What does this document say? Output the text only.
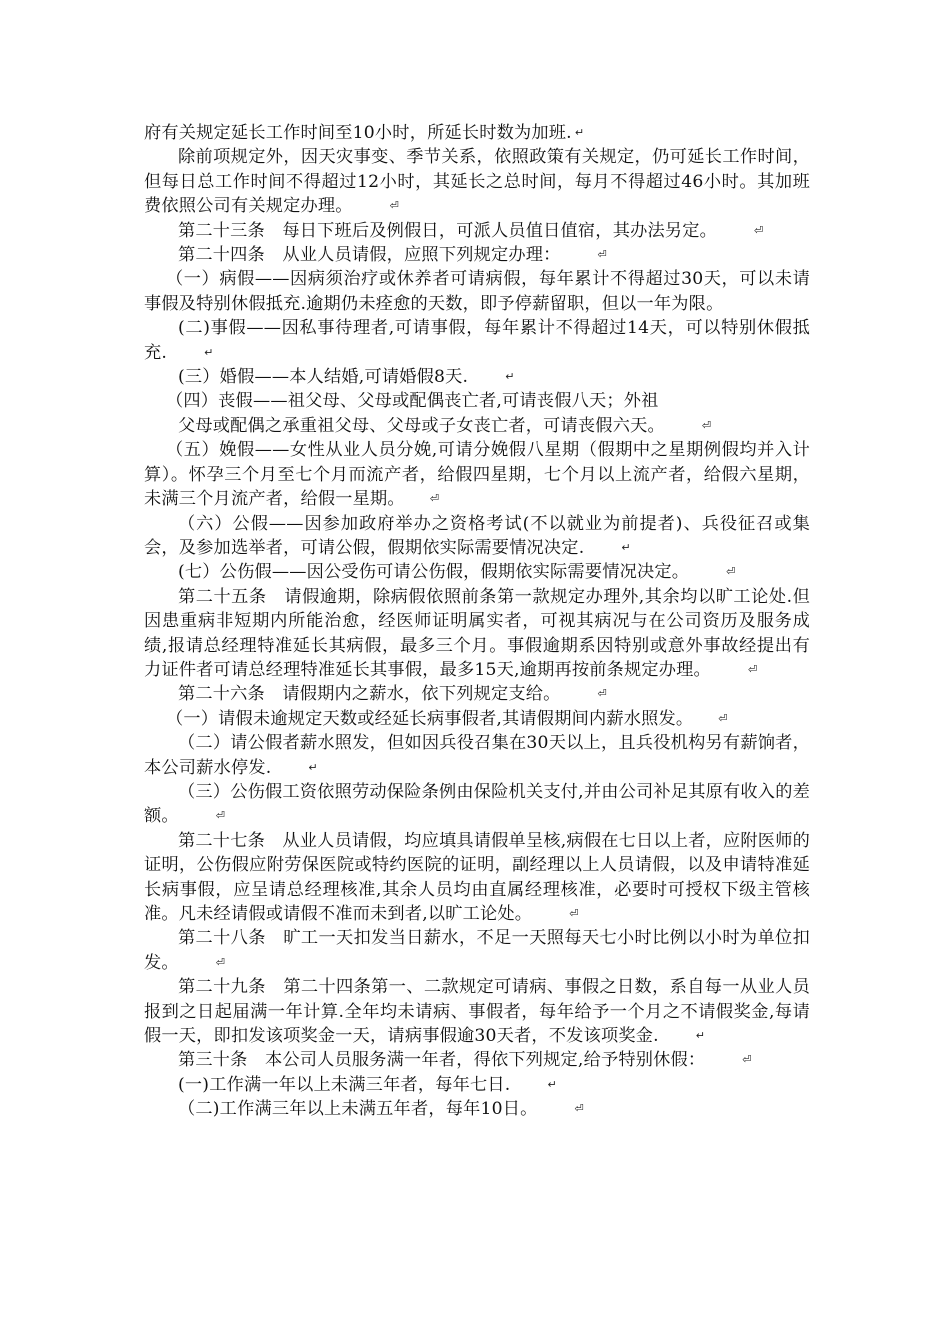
府有关规定延长工作时间至10小时，所延长时数为加班. ↵

除前项规定外，因天灾事变、季节关系，依照政策有关规定，仍可延长工作时间，但每日总工作时间不得超过12小时，其延长之总时间，每月不得超过46小时。其加班费依照公司有关规定办理。	⏎

第二十三条　每日下班后及例假日，可派人员值日值宿，其办法另定。	⏎

第二十四条　从业人员请假，应照下列规定办理：	⏎

（一）病假——因病须治疗或休养者可请病假，每年累计不得超过30天，可以未请事假及特别休假抵充.逾期仍未痊愈的天数，即予停薪留职，但以一年为限。

(二)事假——因私事待理者,可请事假，每年累计不得超过14天，可以特别休假抵充.	↵

(三）婚假——本人结婚,可请婚假8天.	↵

（四）丧假——祖父母、父母或配偶丧亡者,可请丧假八天；外祖

父母或配偶之承重祖父母、父母或子女丧亡者，可请丧假六天。	⏎

（五）娩假——女性从业人员分娩,可请分娩假八星期（假期中之星期例假均并入计算）。怀孕三个月至七个月而流产者，给假四星期，七个月以上流产者，给假六星期，未满三个月流产者，给假一星期。 ⏎

（六）公假——因参加政府举办之资格考试(不以就业为前提者)、兵役征召或集会，及参加选举者，可请公假，假期依实际需要情况决定.	↵

(七）公伤假——因公受伤可请公伤假，假期依实际需要情况决定。	⏎

第二十五条　请假逾期，除病假依照前条第一款规定办理外,其余均以旷工论处.但因患重病非短期内所能治愈，经医师证明属实者，可视其病况与在公司资历及服务成绩,报请总经理特准延长其病假，最多三个月。事假逾期系因特别或意外事故经提出有力证件者可请总经理特准延长其事假，最多15天,逾期再按前条规定办理。	⏎

第二十六条　请假期内之薪水，依下列规定支给。	⏎

（一）请假未逾规定天数或经延长病事假者,其请假期间内薪水照发。 ⏎

（二）请公假者薪水照发，但如因兵役召集在30天以上，且兵役机构另有薪饷者，本公司薪水停发.	↵

（三）公伤假工资依照劳动保险条例由保险机关支付,并由公司补足其原有收入的差额。	⏎

第二十七条　从业人员请假，均应填具请假单呈核,病假在七日以上者，应附医师的证明，公伤假应附劳保医院或特约医院的证明，副经理以上人员请假，以及申请特准延长病事假，应呈请总经理核准,其余人员均由直属经理核准，必要时可授权下级主管核准。凡未经请假或请假不准而未到者,以旷工论处。	⏎

第二十八条　旷工一天扣发当日薪水，不足一天照每天七小时比例以小时为单位扣发。	⏎

第二十九条　第二十四条第一、二款规定可请病、事假之日数，系自每一从业人员报到之日起届满一年计算.全年均未请病、事假者，每年给予一个月之不请假奖金,每请假一天，即扣发该项奖金一天，请病事假逾30天者，不发该项奖金.	↵

第三十条　本公司人员服务满一年者，得依下列规定,给予特别休假：	⏎

(一)工作满一年以上未满三年者，每年七日.	↵

（二)工作满三年以上未满五年者，每年10日。	⏎
